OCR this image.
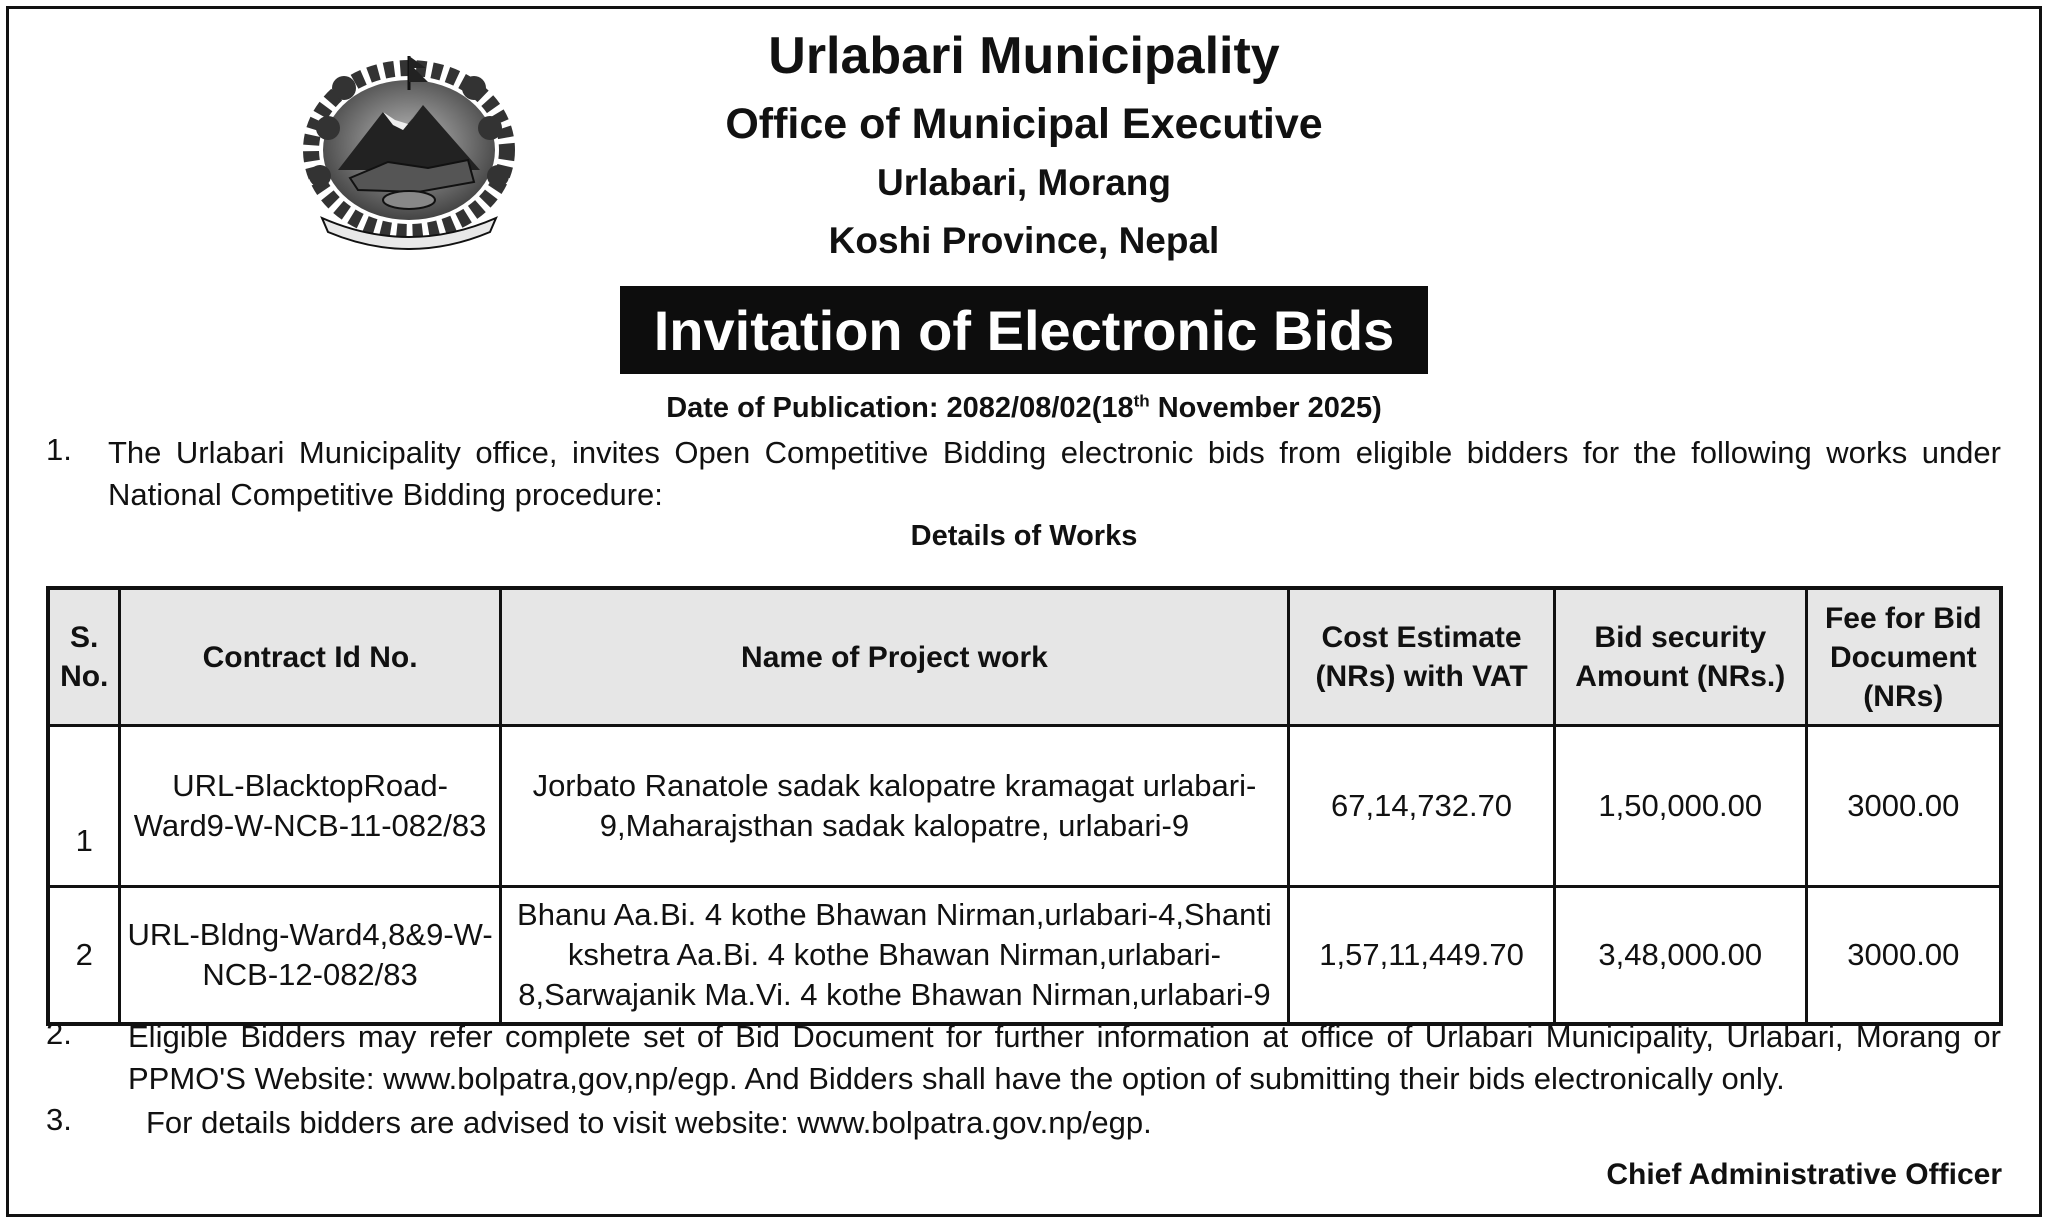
Urlabari Municipality
Office of Municipal Executive
Urlabari, Morang
Koshi Province, Nepal
Invitation of Electronic Bids
Date of Publication: 2082/08/02(18th November 2025)
1. The Urlabari Municipality office, invites Open Competitive Bidding electronic bids from eligible bidders for the following works under National Competitive Bidding procedure:
Details of Works
S. No.	Contract Id No.	Name of Project work	Cost Estimate (NRs) with VAT	Bid security Amount (NRs.)	Fee for Bid Document (NRs)
1	URL-BlacktopRoad-Ward9-W-NCB-11-082/83	Jorbato Ranatole sadak kalopatre kramagat urlabari-9,Maharajsthan sadak kalopatre, urlabari-9	67,14,732.70	1,50,000.00	3000.00
2	URL-Bldng-Ward4,8&9-W-NCB-12-082/83	Bhanu Aa.Bi. 4 kothe Bhawan Nirman,urlabari-4,Shanti kshetra Aa.Bi. 4 kothe Bhawan Nirman,urlabari-8,Sarwajanik Ma.Vi. 4 kothe Bhawan Nirman,urlabari-9	1,57,11,449.70	3,48,000.00	3000.00
2. Eligible Bidders may refer complete set of Bid Document for further information at office of Urlabari Municipality, Urlabari, Morang or PPMO'S Website: www.bolpatra,gov,np/egp. And Bidders shall have the option of submitting their bids electronically only.
3. For details bidders are advised to visit website: www.bolpatra.gov.np/egp.
Chief Administrative Officer
